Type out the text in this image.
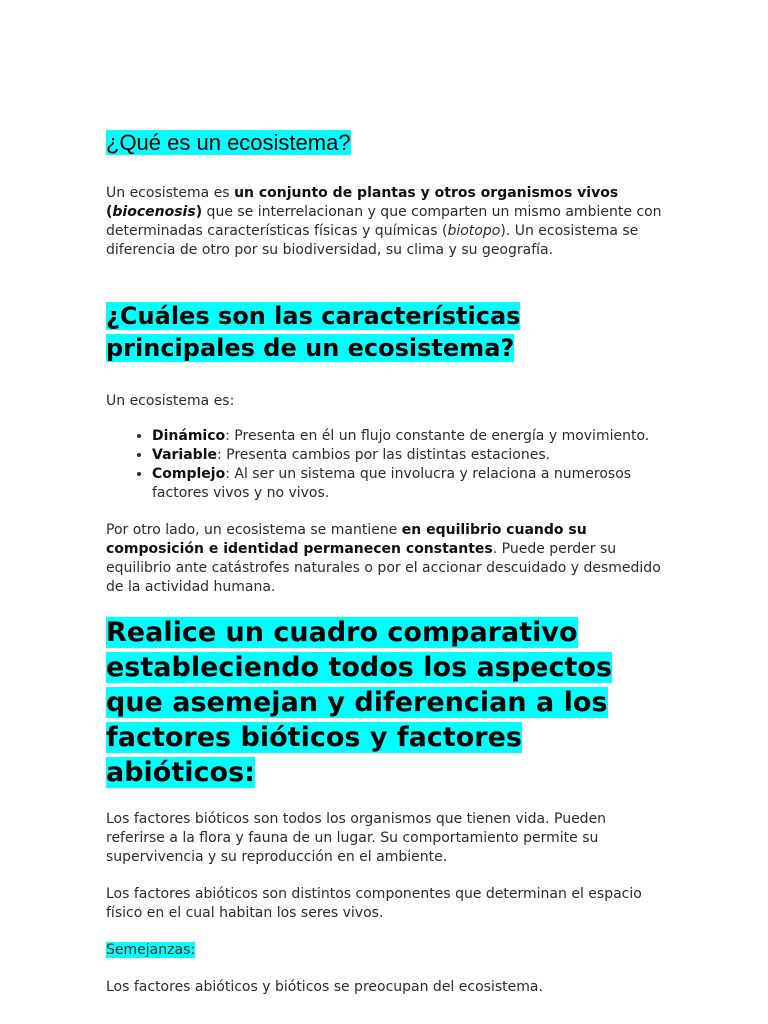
¿Qué es un ecosistema?

Un ecosistema es un conjunto de plantas y otros organismos vivos
(biocenosis) que se interrelacionan y que comparten un mismo ambiente con determinadas características físicas y químicas (biotopo). Un ecosistema se diferencia de otro por su biodiversidad, su clima y su geografía.

¿Cuáles son las características principales de un ecosistema?

Un ecosistema es:

• Dinámico: Presenta en él un flujo constante de energía y movimiento.
• Variable: Presenta cambios por las distintas estaciones.
• Complejo: Al ser un sistema que involucra y relaciona a numerosos factores vivos y no vivos.

Por otro lado, un ecosistema se mantiene en equilibrio cuando su composición e identidad permanecen constantes. Puede perder su equilibrio ante catástrofes naturales o por el accionar descuidado y desmedido de la actividad humana.

Realice un cuadro comparativo estableciendo todos los aspectos que asemejan y diferencian a los factores bióticos y factores abióticos:

Los factores bióticos son todos los organismos que tienen vida. Pueden referirse a la flora y fauna de un lugar. Su comportamiento permite su supervivencia y su reproducción en el ambiente.

Los factores abióticos son distintos componentes que determinan el espacio físico en el cual habitan los seres vivos.

Semejanzas:

Los factores abióticos y bióticos se preocupan del ecosistema.
